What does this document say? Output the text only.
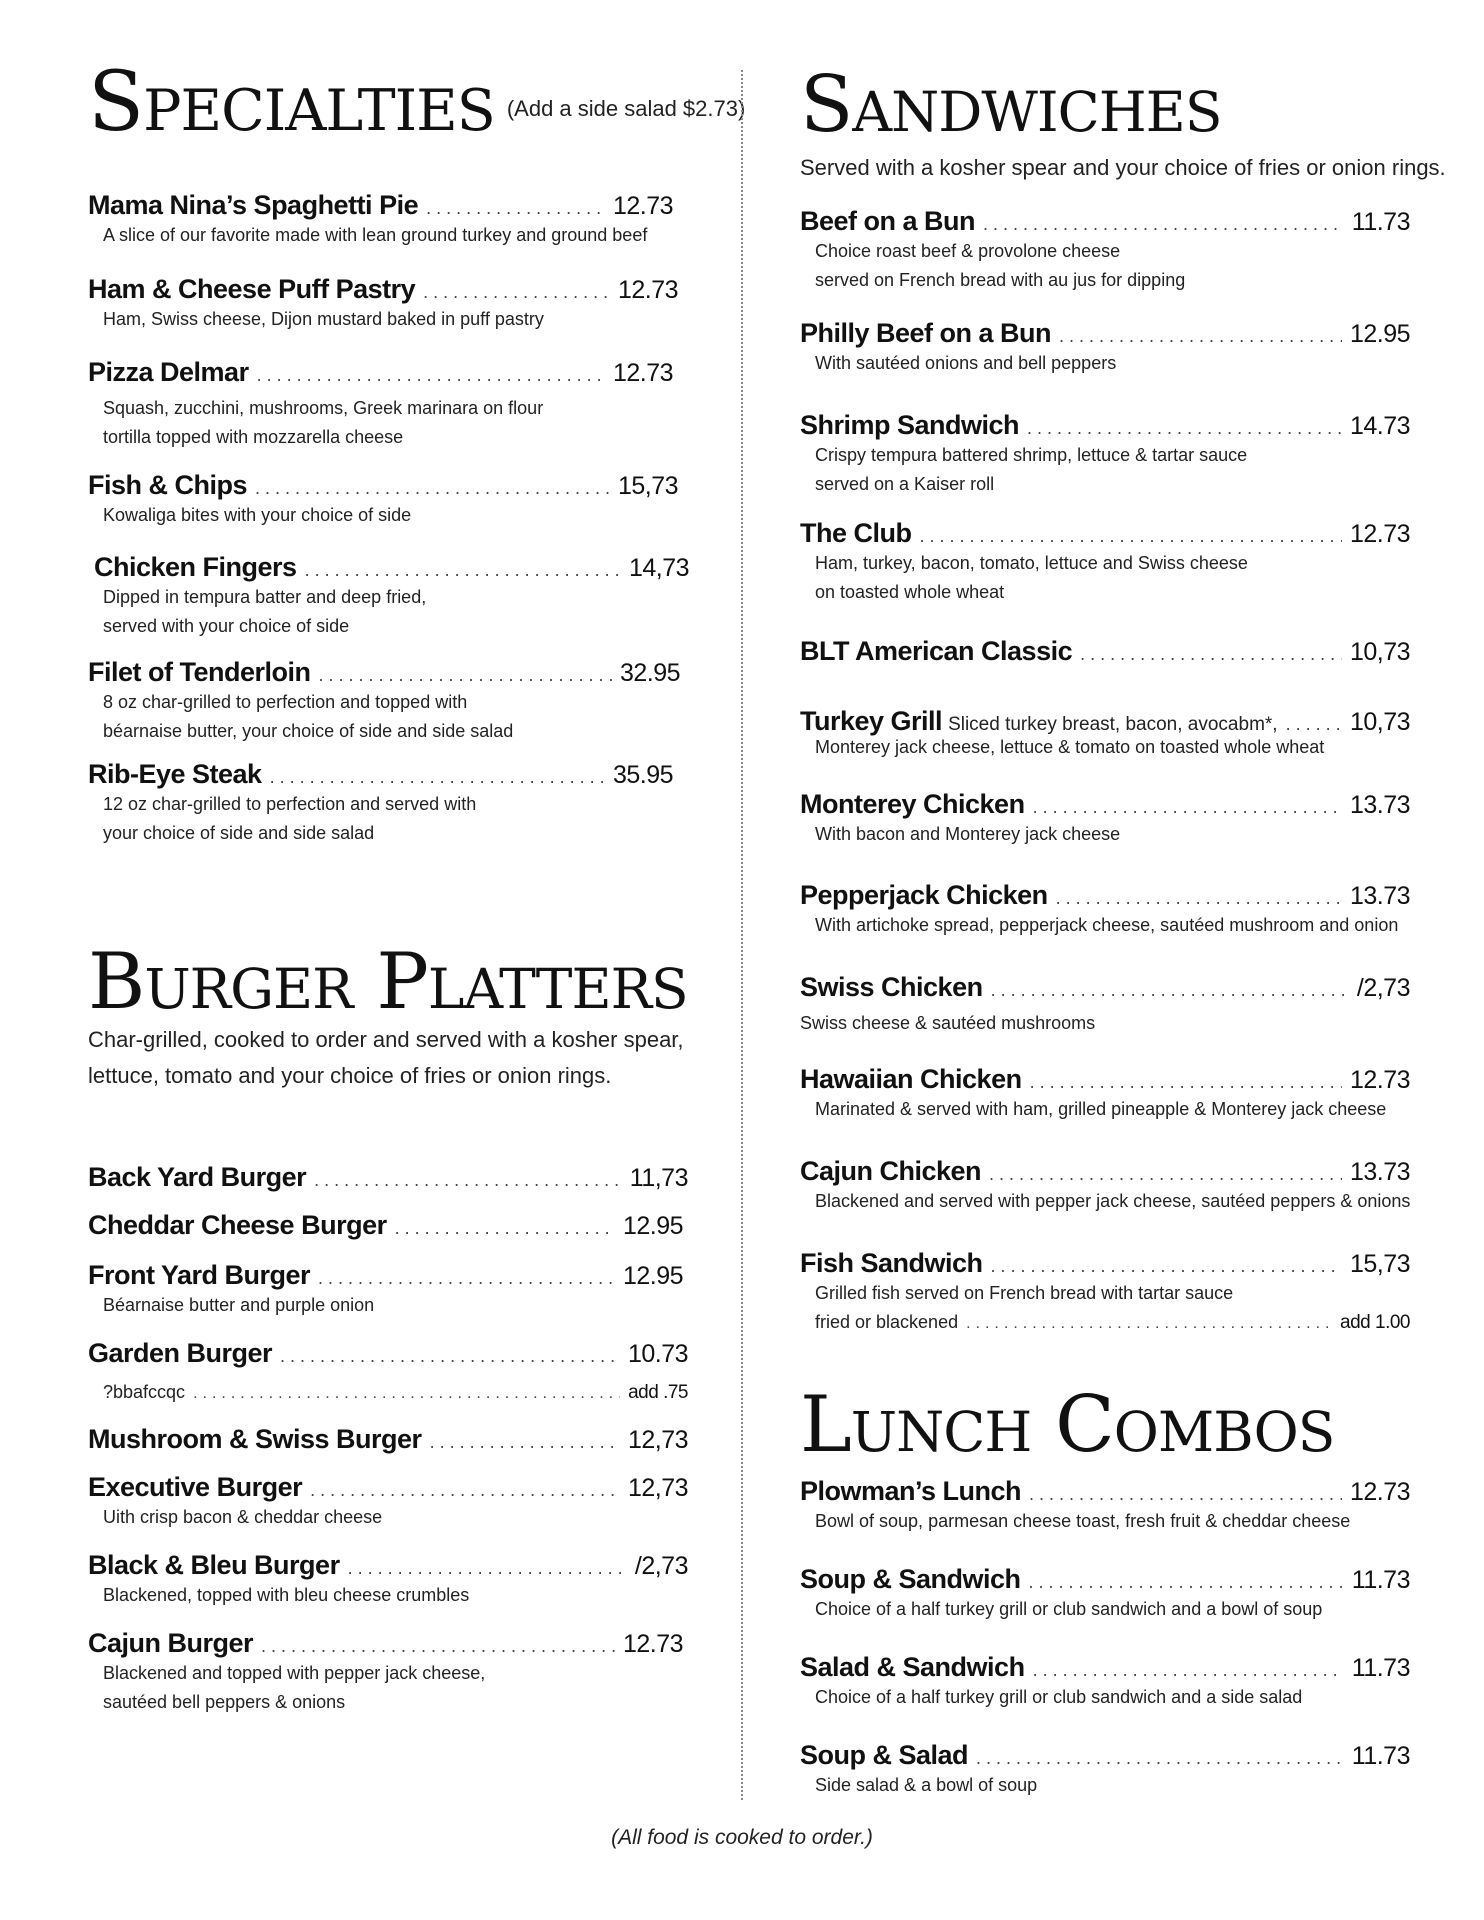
Specialties (Add a side salad $2.73)
Mama Nina’s Spaghetti Pie .....	12.73
A slice of our favorite made with lean ground turkey and ground beef
Ham & Cheese Puff Pastry .....	12.73
Ham, Swiss cheese, Dijon mustard baked in puff pastry
Pizza Delmar .....	12.73
Squash, zucchini, mushrooms, Greek marinara on flour
tortilla topped with mozzarella cheese
Fish & Chips .....	15,73
Kowaliga bites with your choice of side
Chicken Fingers .....	14,73
Dipped in tempura batter and deep fried,
served with your choice of side
Filet of Tenderloin .....	32.95
8 oz char-grilled to perfection and topped with
béarnaise butter, your choice of side and side salad
Rib-Eye Steak .....	35.95
12 oz char-grilled to perfection and served with
your choice of side and side salad
Burger Platters

Char-grilled, cooked to order and served with a kosher spear,

lettuce, tomato and your choice of fries or onion rings.

Back Yard Burger .....	11,73
Cheddar Cheese Burger .....	12.95
Front Yard Burger .....	12.95
Béarnaise butter and purple onion
Garden Burger .....	10.73
?bbafccqc .....	add .75
Mushroom & Swiss Burger .....	12,73
Executive Burger .....	12,73
Uith crisp bacon & cheddar cheese
Black & Bleu Burger .....	/2,73
Blackened, topped with bleu cheese crumbles
Cajun Burger .....	12.73
Blackened and topped with pepper jack cheese,
sautéed bell peppers & onions
Sandwiches

Served with a kosher spear and your choice of fries or onion rings.

Beef on a Bun .....	11.73
Choice roast beef & provolone cheese
served on French bread with au jus for dipping
Philly Beef on a Bun .....	12.95
With sautéed onions and bell peppers
Shrimp Sandwich .....	14.73
Crispy tempura battered shrimp, lettuce & tartar sauce
served on a Kaiser roll
The Club .....	12.73
Ham, turkey, bacon, tomato, lettuce and Swiss cheese
on toasted whole wheat
BLT American Classic .....	10,73
Turkey Grill Sliced turkey breast, bacon, avocabm*, .....	10,73
Monterey jack cheese, lettuce & tomato on toasted whole wheat
Monterey Chicken .....	13.73
With bacon and Monterey jack cheese
Pepperjack Chicken .....	13.73
With artichoke spread, pepperjack cheese, sautéed mushroom and onion
Swiss Chicken .....	/2,73
Swiss cheese & sautéed mushrooms
Hawaiian Chicken .....	12.73
Marinated & served with ham, grilled pineapple & Monterey jack cheese
Cajun Chicken .....	13.73
Blackened and served with pepper jack cheese, sautéed peppers & onions
Fish Sandwich .....	15,73
Grilled fish served on French bread with tartar sauce
fried or blackened .....	add 1.00
Lunch Combos
Plowman’s Lunch .....	12.73
Bowl of soup, parmesan cheese toast, fresh fruit & cheddar cheese
Soup & Sandwich .....	11.73
Choice of a half turkey grill or club sandwich and a bowl of soup
Salad & Sandwich .....	11.73
Choice of a half turkey grill or club sandwich and a side salad
Soup & Salad .....	11.73
Side salad & a bowl of soup
(All food is cooked to order.)
